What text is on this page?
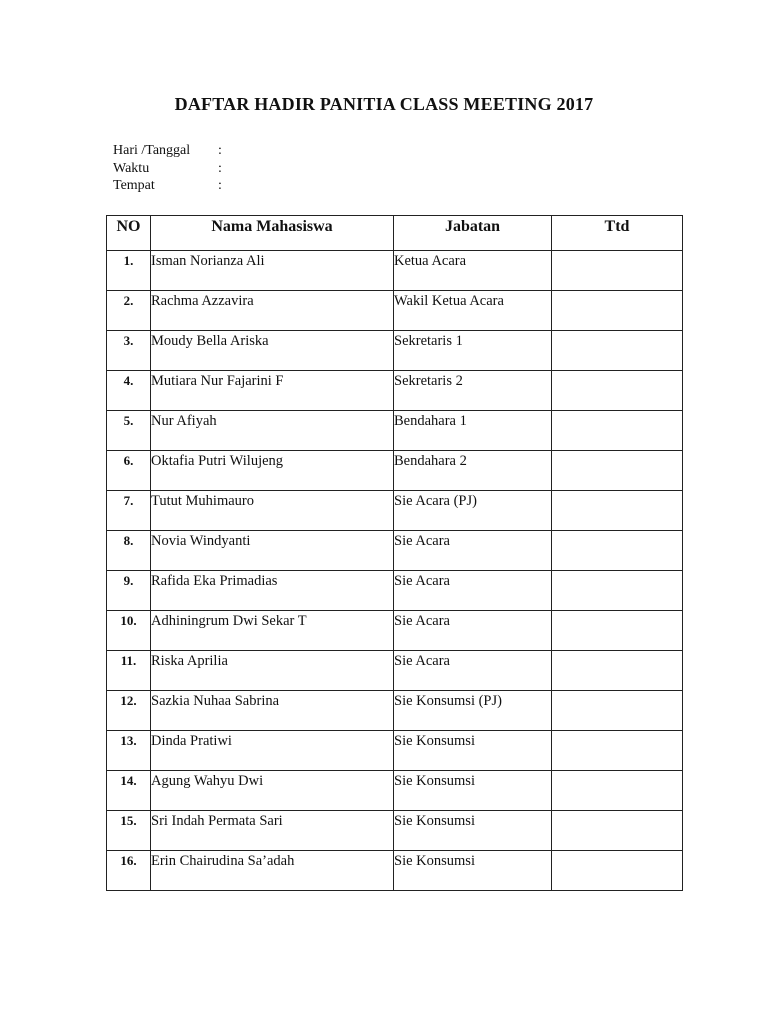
DAFTAR HADIR PANITIA CLASS MEETING 2017
Hari /Tanggal	:
Waktu	:
Tempat	:
NO	Nama Mahasiswa	Jabatan	Ttd
1.	Isman Norianza Ali	Ketua Acara	
2.	Rachma Azzavira	Wakil Ketua Acara	
3.	Moudy Bella Ariska	Sekretaris 1	
4.	Mutiara Nur Fajarini F	Sekretaris 2	
5.	Nur Afiyah	Bendahara 1	
6.	Oktafia Putri Wilujeng	Bendahara 2	
7.	Tutut Muhimauro	Sie Acara (PJ)	
8.	Novia Windyanti	Sie Acara	
9.	Rafida Eka Primadias	Sie Acara	
10.	Adhiningrum Dwi Sekar T	Sie Acara	
11.	Riska Aprilia	Sie Acara	
12.	Sazkia Nuhaa Sabrina	Sie Konsumsi (PJ)	
13.	Dinda Pratiwi	Sie Konsumsi	
14.	Agung Wahyu Dwi	Sie Konsumsi	
15.	Sri Indah Permata Sari	Sie Konsumsi	
16.	Erin Chairudina Sa’adah	Sie Konsumsi	
